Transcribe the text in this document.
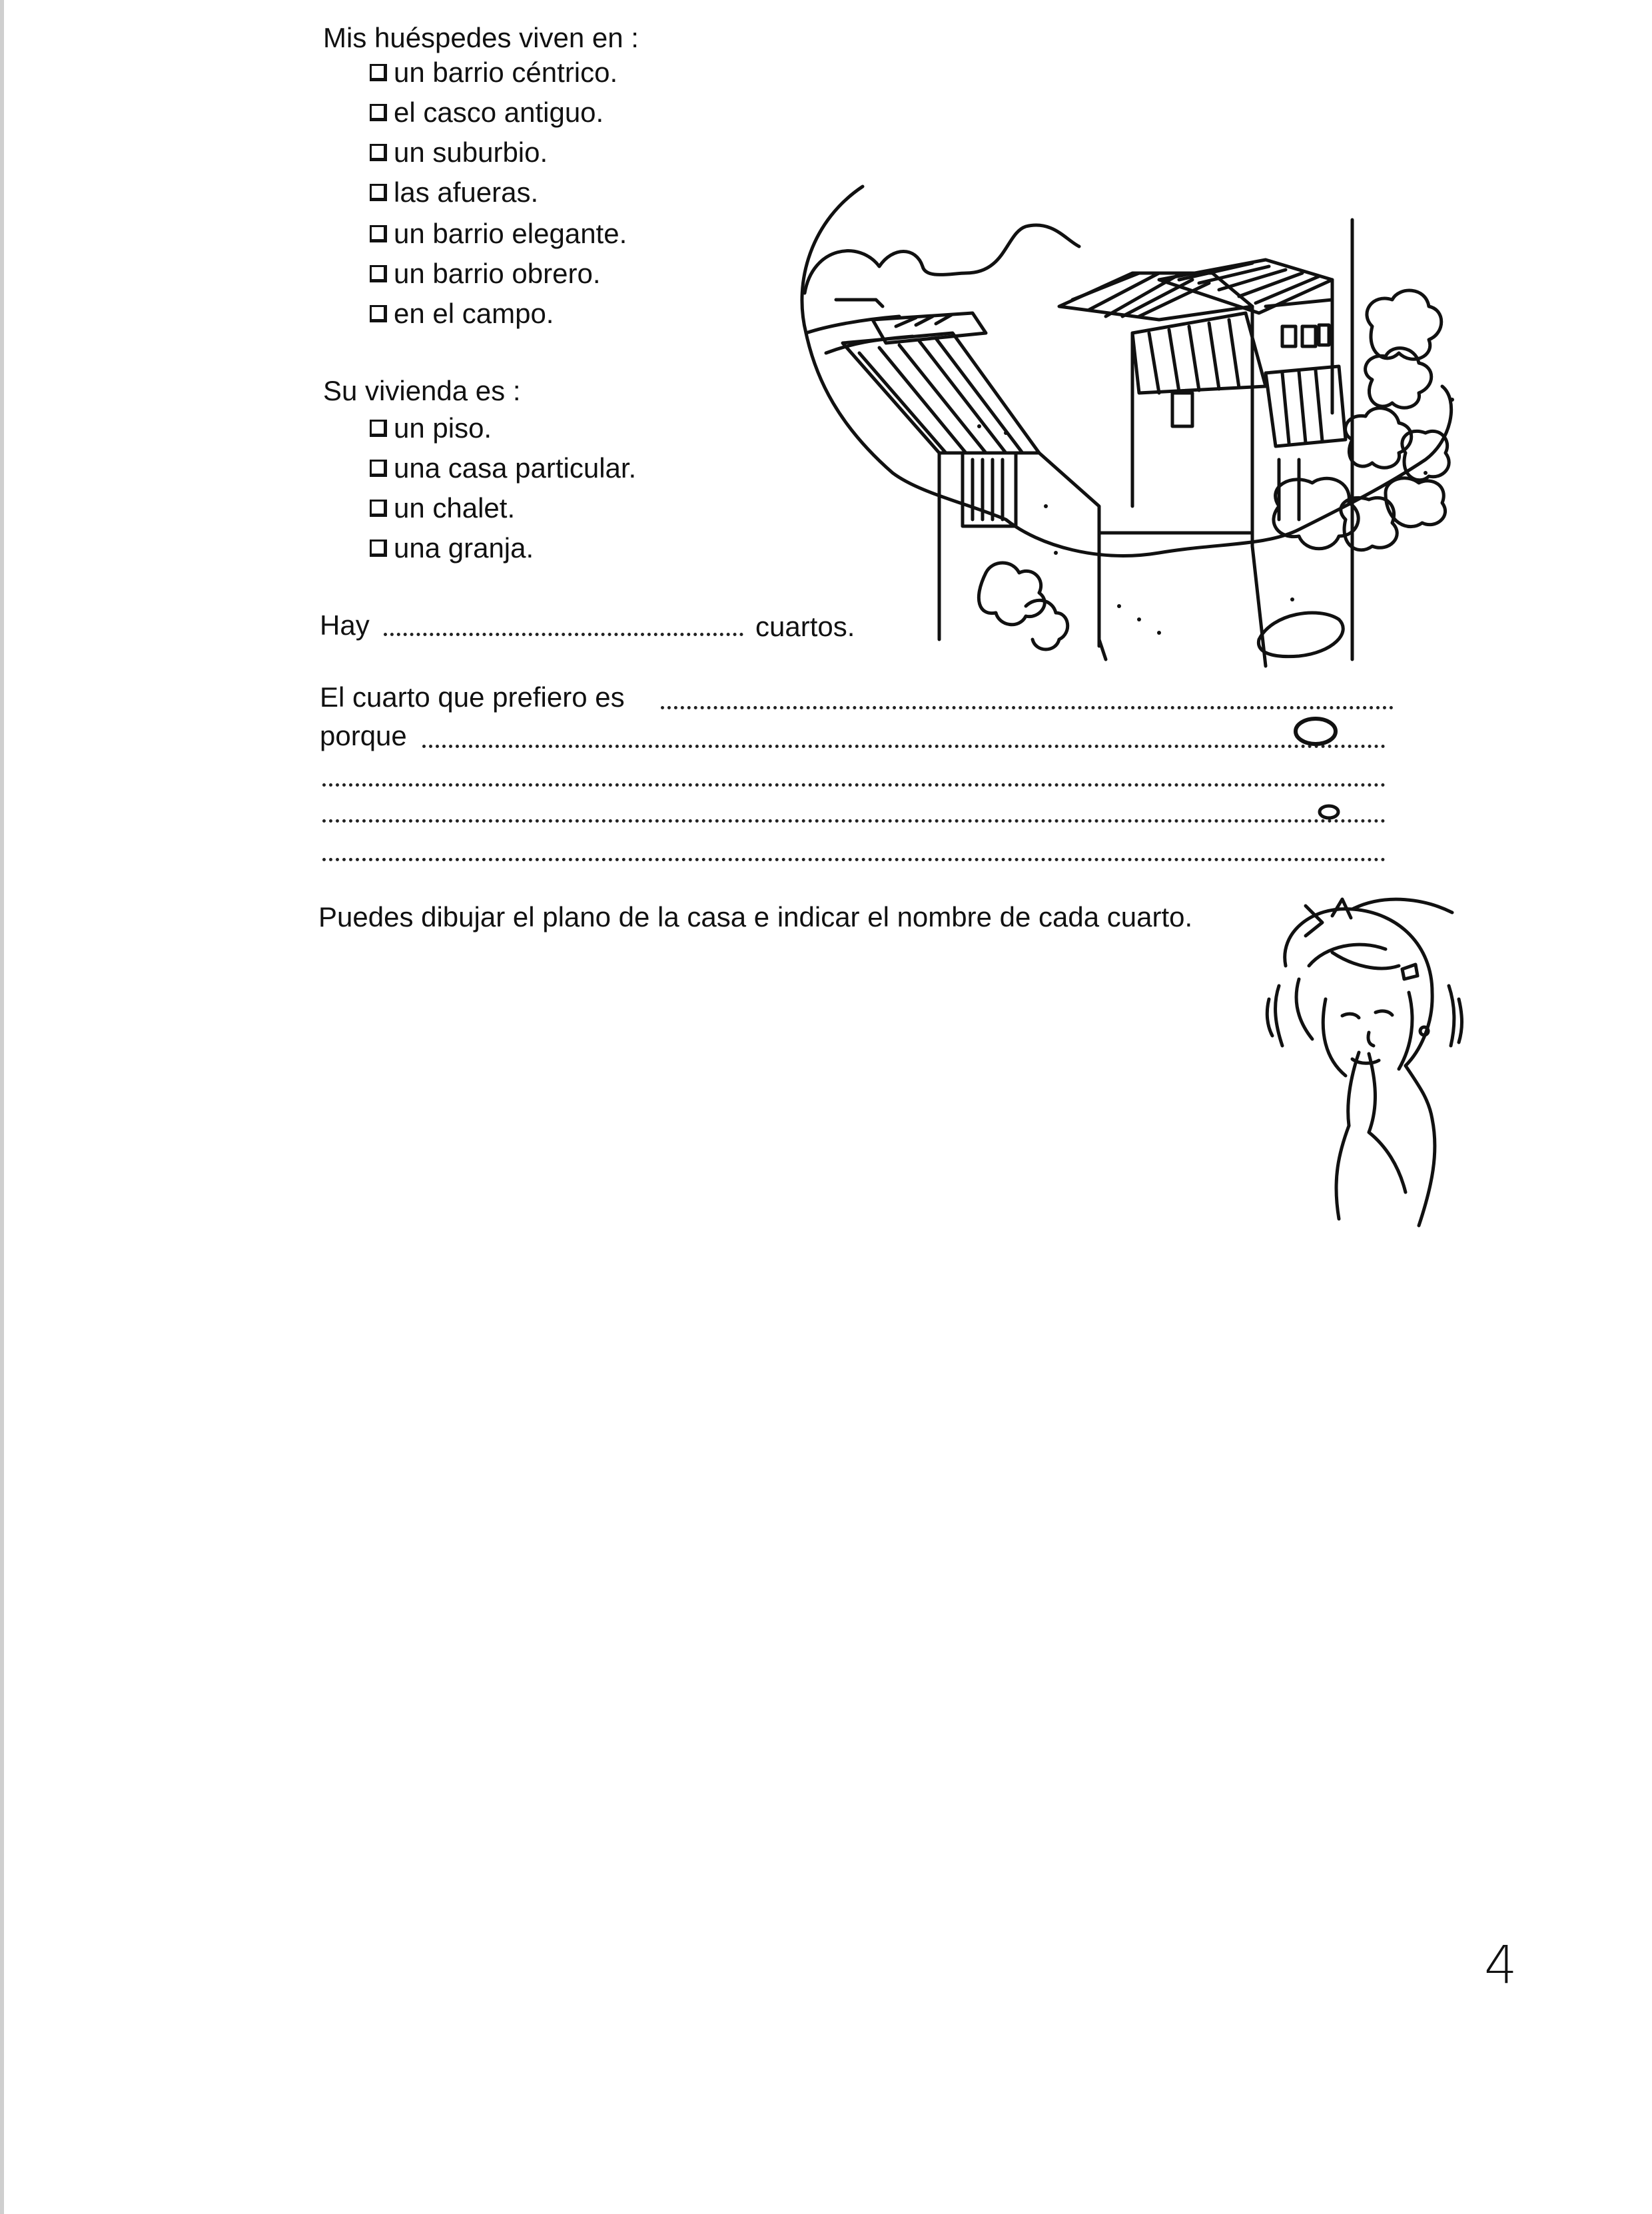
Mis huéspedes viven en :
un barrio céntrico.
el casco antiguo.
un suburbio.
las afueras.
un barrio elegante.
un barrio obrero.
en el campo.
Su vivienda es :
un piso.
una casa particular.
un chalet.
una granja.
Hay	cuartos.
El cuarto que prefiero es
porque
Puedes dibujar el plano de la casa e indicar el nombre de cada cuarto.
4
